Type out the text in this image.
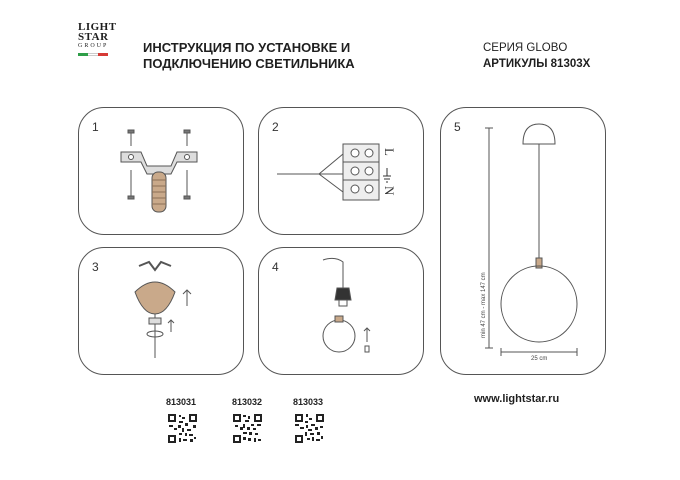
LIGHT
STAR
GROUP	ИНСТРУКЦИЯ ПО УСТАНОВКЕ И
ПОДКЛЮЧЕНИЮ СВЕТИЛЬНИКА
СЕРИЯ GLOBO
АРТИКУЛЫ 81303X
1	2
L
N
3	4
5
min 47 cm - max 147 cm
25 cm
813031	813032	813033	www.lightstar.ru
